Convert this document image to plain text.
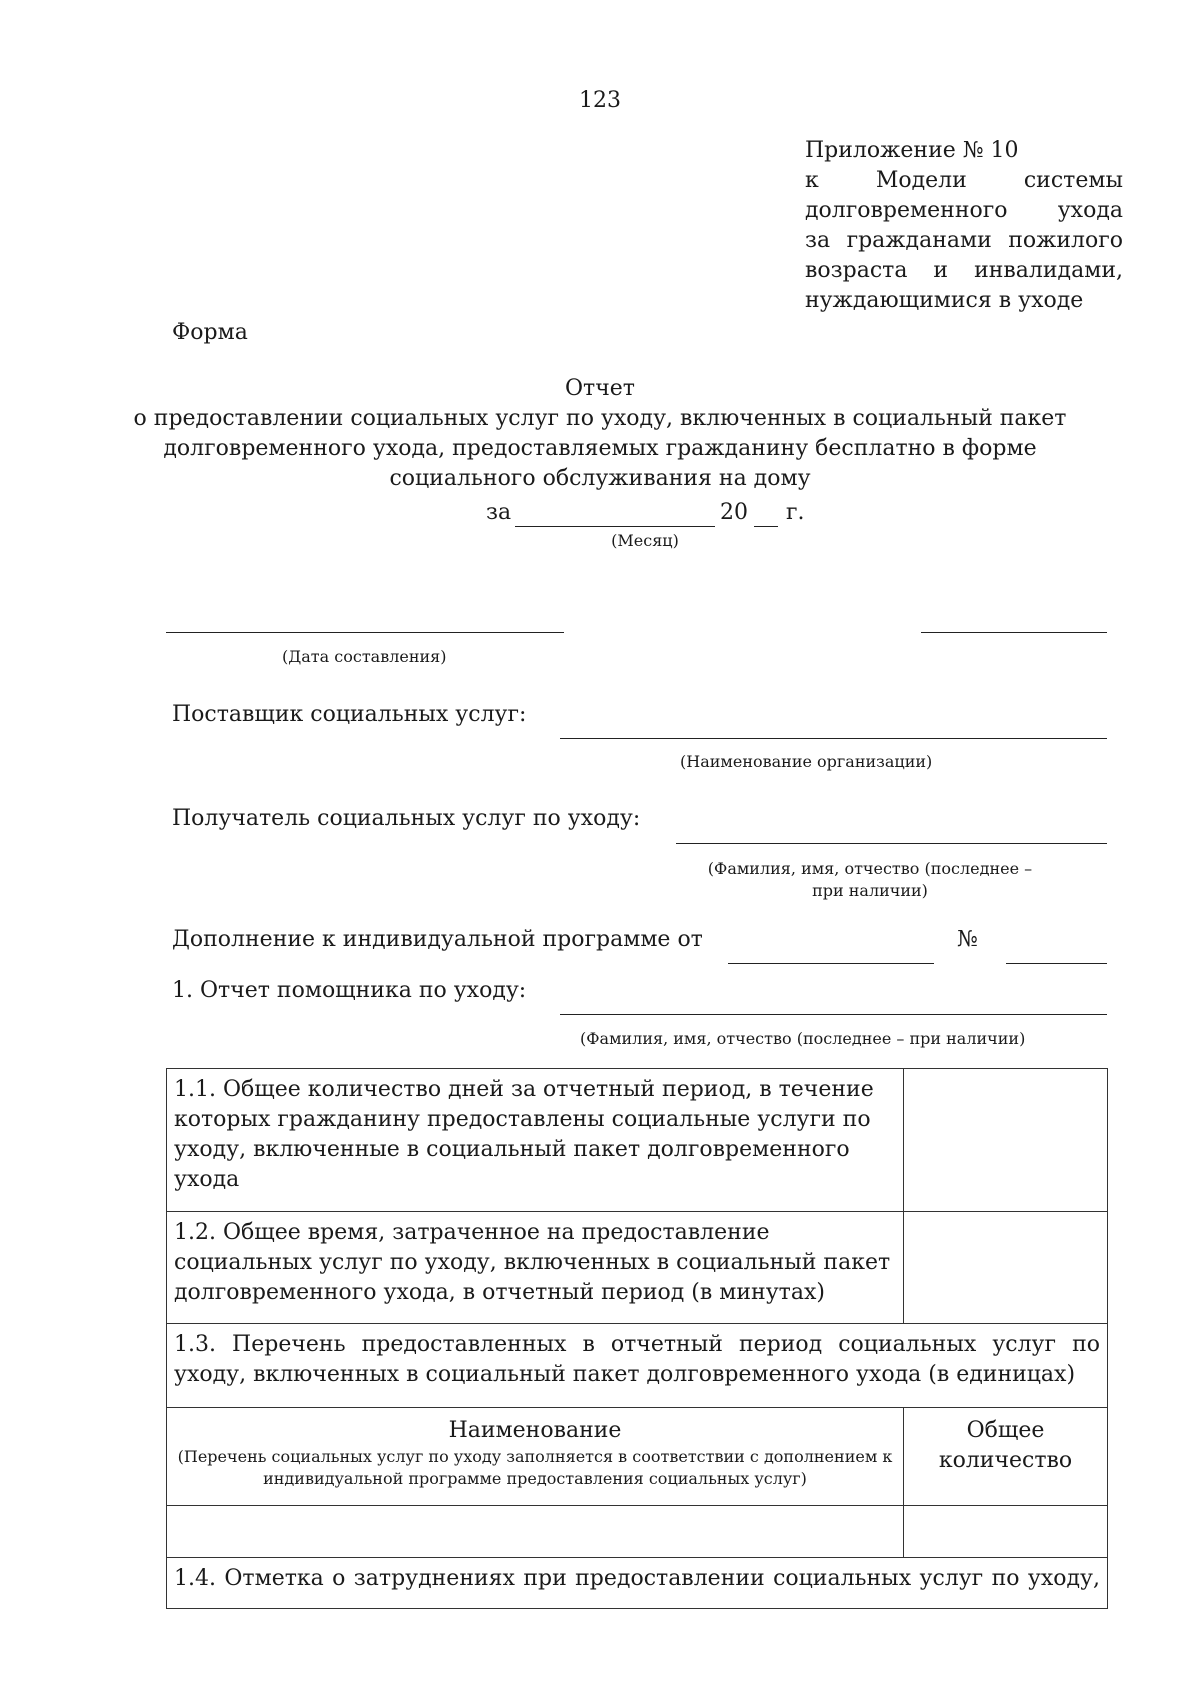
123
Приложение № 10
к	Модели	системы
долговременного ухода
за гражданами пожилого
возраста и инвалидами,
нуждающимися в уходе
Форма
Отчет
о предоставлении социальных услуг по уходу, включенных в социальный пакет
долговременного ухода, предоставляемых гражданину бесплатно в форме
социального обслуживания на дому
за	20 г.
(Месяц)
(Дата составления)
Поставщик социальных услуг:
(Наименование организации)
Получатель социальных услуг по уходу:
(Фамилия, имя, отчество (последнее –
при наличии)
Дополнение к индивидуальной программе от	№
1. Отчет помощника по уходу:
(Фамилия, имя, отчество (последнее – при наличии)
1.1. Общее количество дней за отчетный период, в течение которых гражданину предоставлены социальные услуги по уходу, включенные в социальный пакет долговременного ухода	
1.2. Общее время, затраченное на предоставление социальных услуг по уходу, включенных в социальный пакет долговременного ухода, в отчетный период (в минутах)	
1.3. Перечень предоставленных в отчетный период социальных услуг по уходу, включенных в социальный пакет долговременного ухода (в единицах)	

Наименование
(Перечень социальных услуг по уходу заполняется в соответствии с дополнением к индивидуальной программе предоставления социальных услуг)	Общее количество

1.4. Отметка о затруднениях при предоставлении социальных услуг по уходу,	
